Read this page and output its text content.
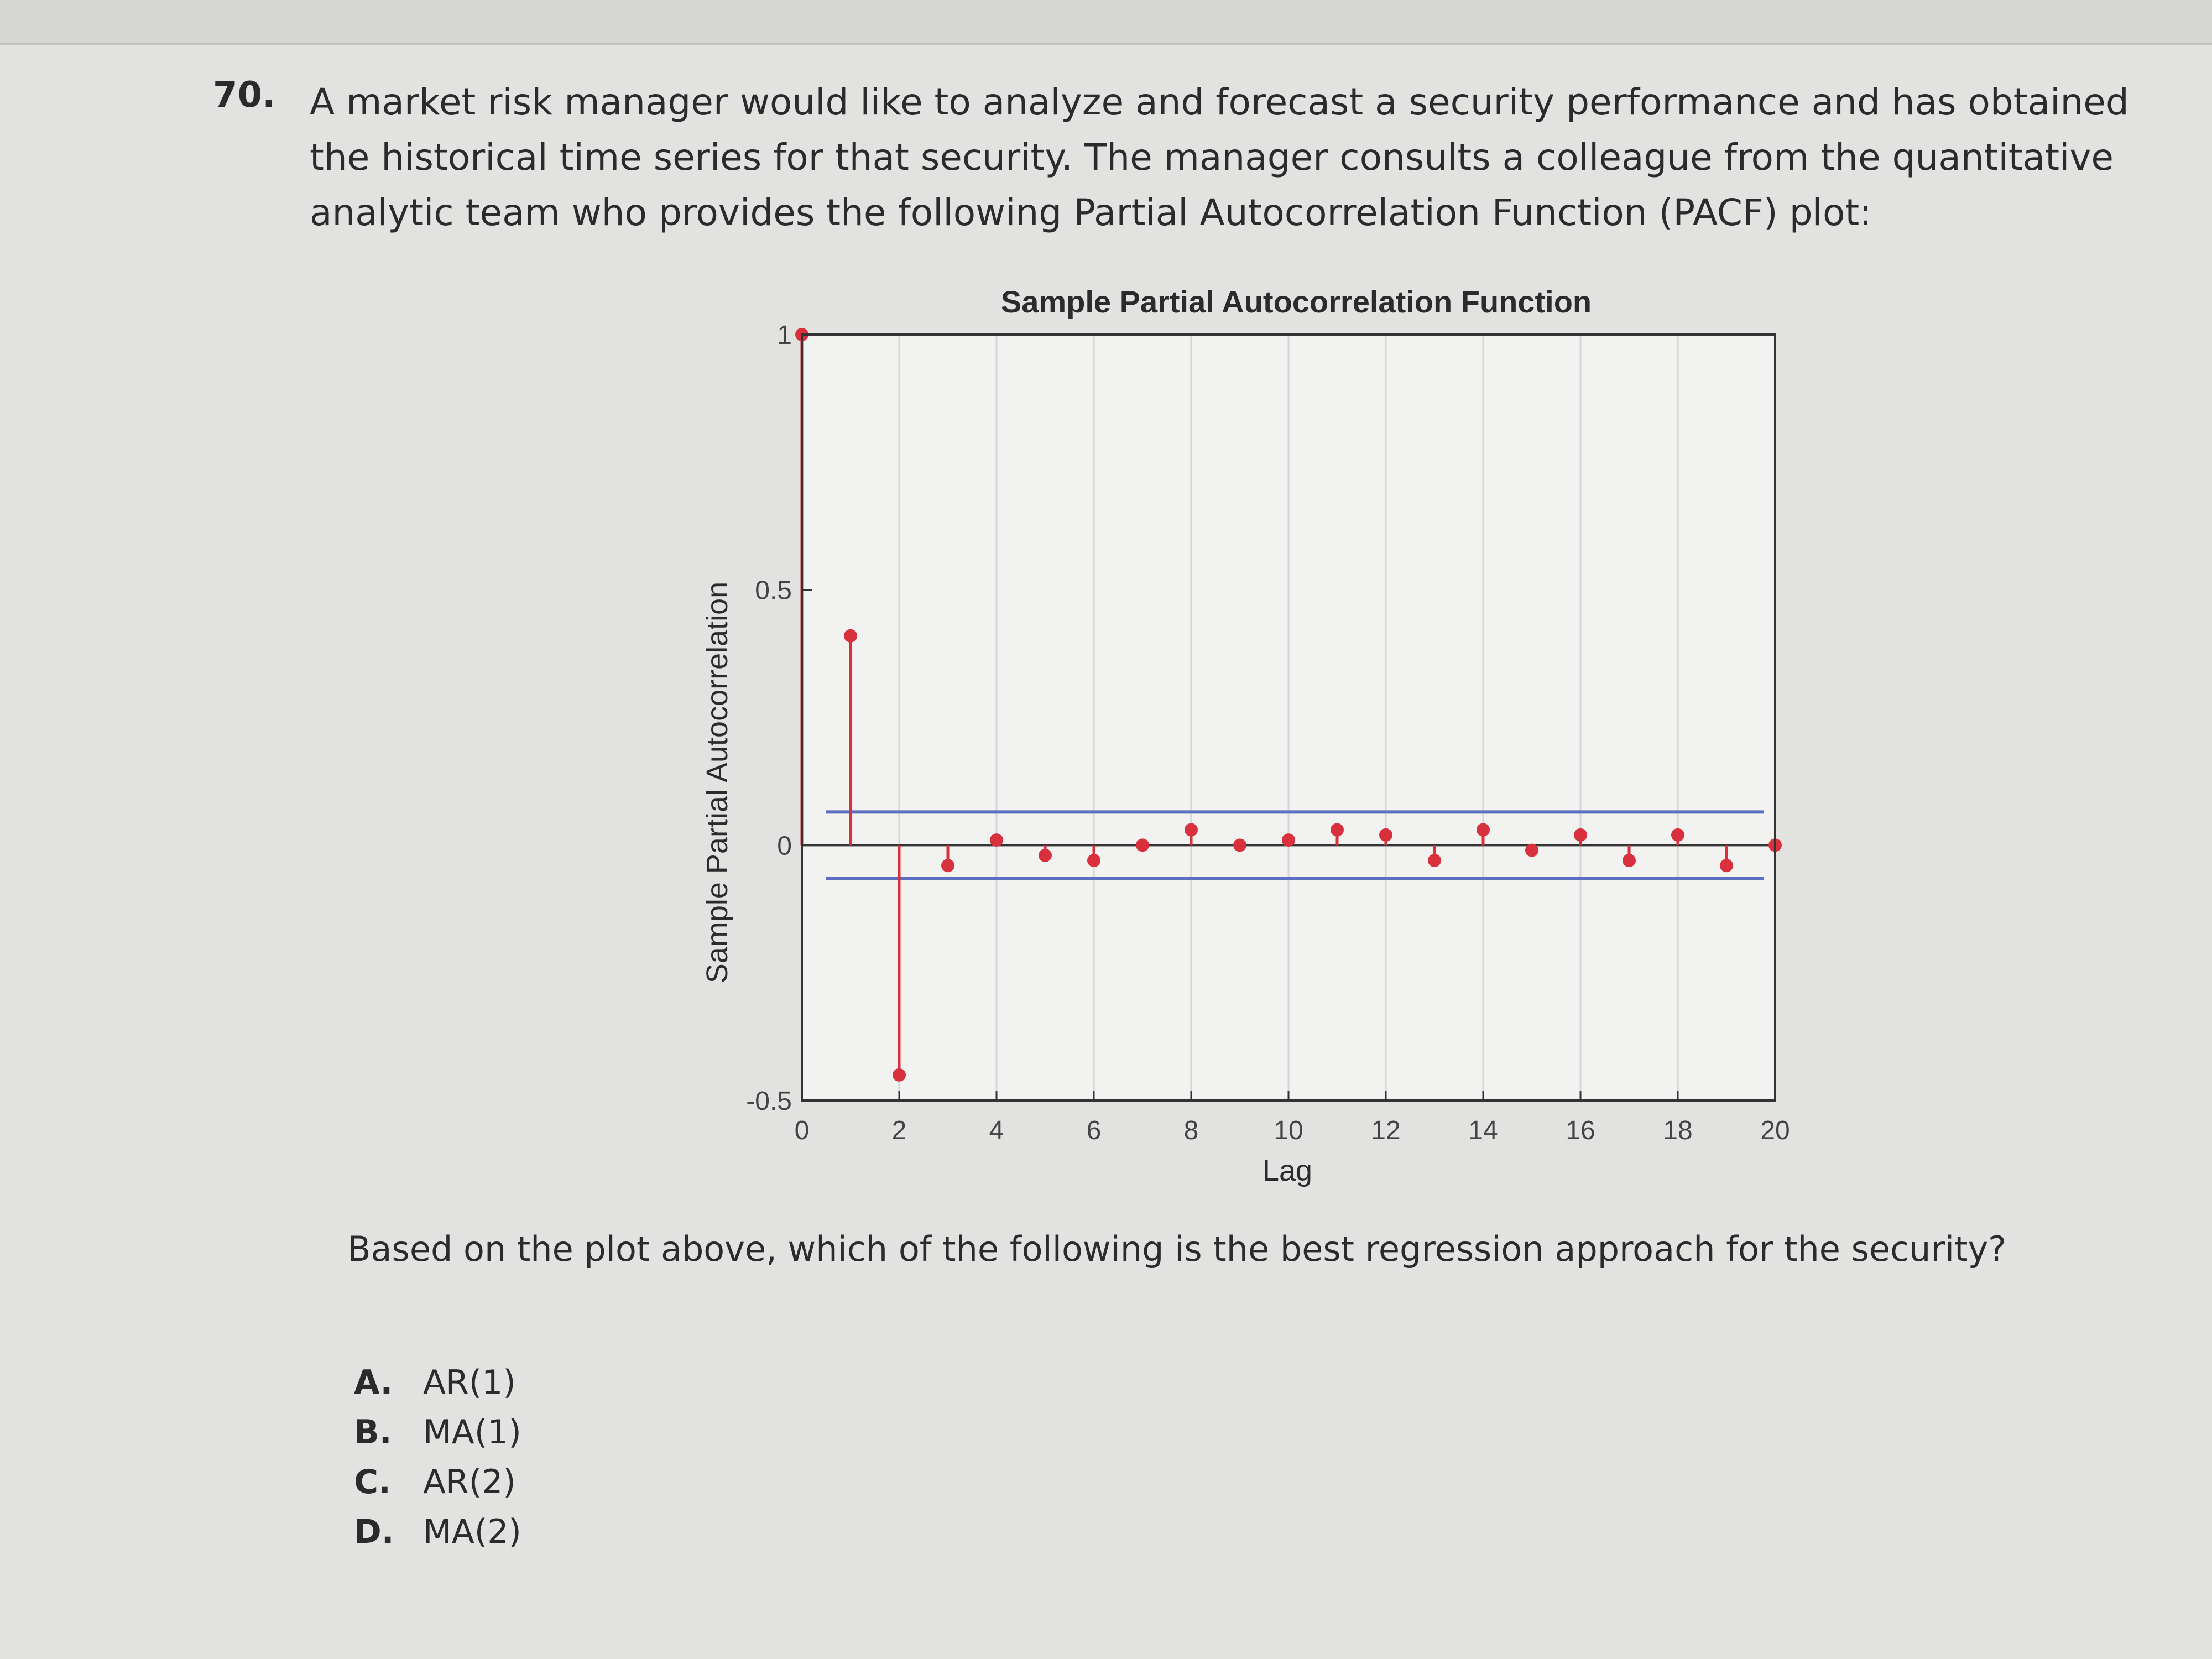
70. A market risk manager would like to analyze and forecast a security performance and has obtained the historical time series for that security. The manager consults a colleague from the quantitative analytic team who provides the following Partial Autocorrelation Function (PACF) plot:
Sample Partial Autocorrelation Function
Sample Partial Autocorrelation
Lag
0	2	4	6	8	10	12	14	16	18	20
1
0.5
0
-0.5
Based on the plot above, which of the following is the best regression approach for the security?
A. AR(1)
B. MA(1)
C. AR(2)
D. MA(2)
